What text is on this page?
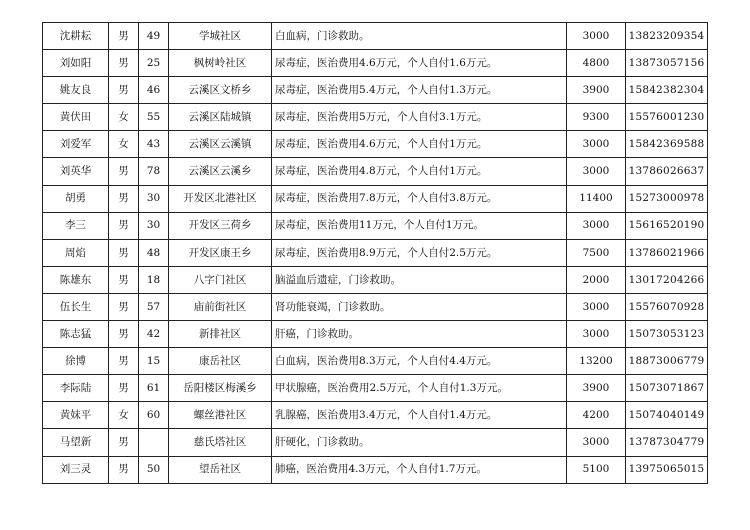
沈耕耘	男	49	学城社区	白血病，门诊救助。	3000	13823209354
刘如阳	男	25	枫树岭社区	尿毒症，医治费用4.6万元，个人自付1.6万元。	4800	13873057156
姚友良	男	46	云溪区文桥乡	尿毒症，医治费用5.4万元，个人自付1.3万元。	3900	15842382304
黄伏田	女	55	云溪区陆城镇	尿毒症，医治费用5万元，个人自付3.1万元。	9300	15576001230
刘爱军	女	43	云溪区云溪镇	尿毒症，医治费用4.6万元，个人自付1万元。	3000	15842369588
刘英华	男	78	云溪区云溪乡	尿毒症，医治费用4.8万元，个人自付1万元。	3000	13786026637
胡勇	男	30	开发区北港社区	尿毒症，医治费用7.8万元，个人自付3.8万元。	11400	15273000978
李三	男	30	开发区三荷乡	尿毒症，医治费用11万元，个人自付1万元。	3000	15616520190
周焰	男	48	开发区康王乡	尿毒症，医治费用8.9万元，个人自付2.5万元。	7500	13786021966
陈雄东	男	18	八字门社区	脑溢血后遗症，门诊救助。	2000	13017204266
伍长生	男	57	庙前街社区	肾功能衰竭，门诊救助。	3000	15576070928
陈志猛	男	42	新排社区	肝癌，门诊救助。	3000	15073053123
徐博	男	15	康岳社区	白血病，医治费用8.3万元，个人自付4.4万元。	13200	18873006779
李际陆	男	61	岳阳楼区梅溪乡	甲状腺癌，医治费用2.5万元，个人自付1.3万元。	3900	15073071867
黄妹平	女	60	螺丝港社区	乳腺癌，医治费用3.4万元，个人自付1.4万元。	4200	15074040149
马望新	男		慈氏塔社区	肝硬化，门诊救助。	3000	13787304779
刘三灵	男	50	望岳社区	肺癌，医治费用4.3万元，个人自付1.7万元。	5100	13975065015
